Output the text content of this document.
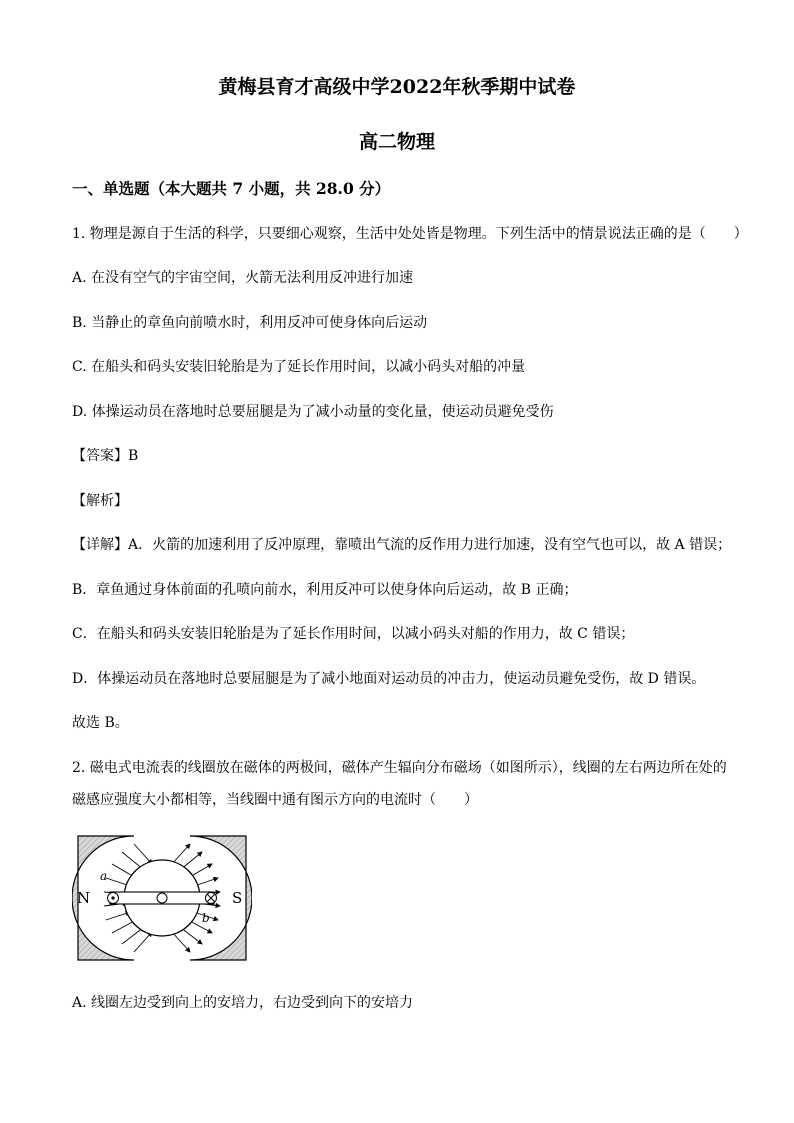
黄梅县育才高级中学2022年秋季期中试卷
高二物理
一、单选题（本大题共 7 小题，共 28.0 分）
1. 物理是源自于生活的科学，只要细心观察，生活中处处皆是物理。下列生活中的情景说法正确的是（　　）
A. 在没有空气的宇宙空间，火箭无法利用反冲进行加速
B. 当静止的章鱼向前喷水时，利用反冲可使身体向后运动
C. 在船头和码头安装旧轮胎是为了延长作用时间，以减小码头对船的冲量
D. 体操运动员在落地时总要屈腿是为了减小动量的变化量，使运动员避免受伤
【答案】B
【解析】
【详解】A．火箭的加速利用了反冲原理，靠喷出气流的反作用力进行加速，没有空气也可以，故 A 错误；
B．章鱼通过身体前面的孔喷向前水，利用反冲可以使身体向后运动，故 B 正确；
C．在船头和码头安装旧轮胎是为了延长作用时间，以减小码头对船的作用力，故 C 错误；
D．体操运动员在落地时总要屈腿是为了减小地面对运动员的冲击力，使运动员避免受伤，故 D 错误。
故选 B。
2. 磁电式电流表的线圈放在磁体的两极间，磁体产生辐向分布磁场（如图所示），线圈的左右两边所在处的
磁感应强度大小都相等，当线圈中通有图示方向的电流时（　　）
N	S
a
b
A. 线圈左边受到向上的安培力，右边受到向下的安培力
